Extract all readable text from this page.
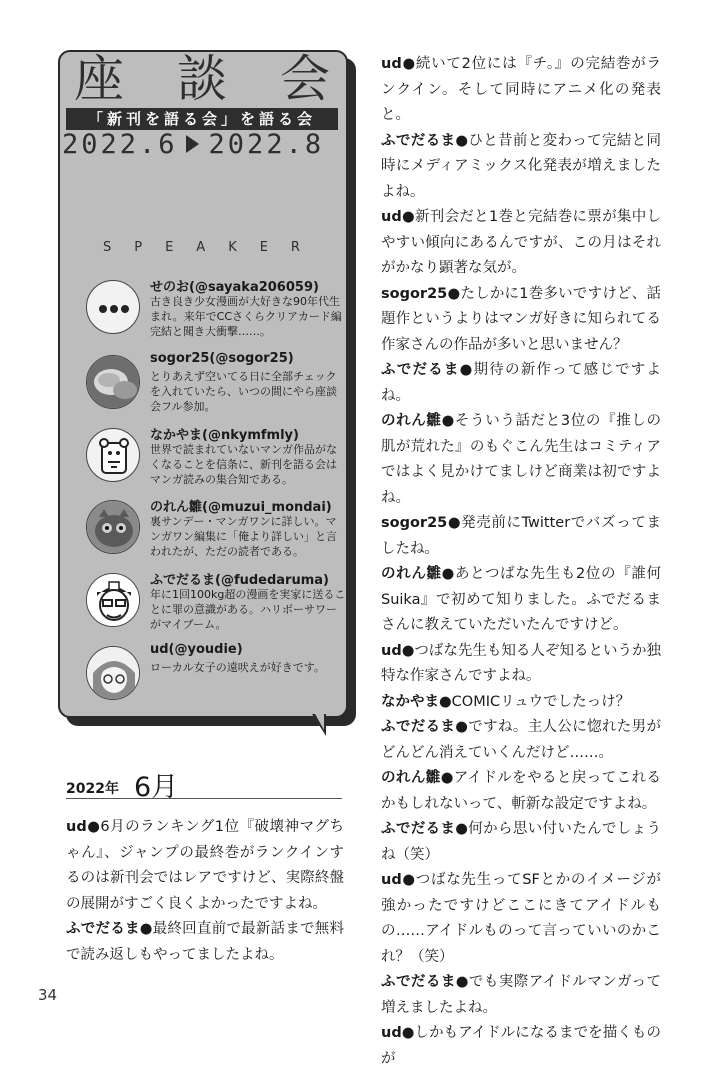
座 談 会
「新刊を語る会」を語る会
2022.6 2022.8
SPEAKER
せのお(@sayaka206059)
古き良き少女漫画が大好きな90年代生まれ。来年でCCさくらクリアカード編完結と聞き大衝撃……。
sogor25(@sogor25)
とりあえず空いてる日に全部チェックを入れていたら、いつの間にやら座談会フル参加。
なかやま(@nkymfmly)
世界で読まれていないマンガ作品がなくなることを信条に、新刊を語る会はマンガ読みの集合知である。
のれん雛(@muzui_mondai)
裏サンデー・マンガワンに詳しい。マンガワン編集に「俺より詳しい」と言われたが、ただの読者である。
ふでだるま(@fudedaruma)
年に1回100kg超の漫画を実家に送ることに罪の意識がある。ハリボーサワーがマイブーム。
ud(@youdie)
ローカル女子の遠吠えが好きです。
2022年 6月
ud●6月のランキング1位『破壊神マグちゃん』、ジャンプの最終巻がランクインするのは新刊会ではレアですけど、実際終盤の展開がすごく良くよかったですよね。
ふでだるま●最終回直前で最新話まで無料で読み返しもやってましたよね。
ud●続いて2位には『チ。』の完結巻がランクイン。そして同時にアニメ化の発表と。
ふでだるま●ひと昔前と変わって完結と同時にメディアミックス化発表が増えましたよね。
ud●新刊会だと1巻と完結巻に票が集中しやすい傾向にあるんですが、この月はそれがかなり顕著な気が。
sogor25●たしかに1巻多いですけど、話題作というよりはマンガ好きに知られてる作家さんの作品が多いと思いません？
ふでだるま●期待の新作って感じですよね。
のれん雛●そういう話だと3位の『推しの肌が荒れた』のもぐこん先生はコミティアではよく見かけてましけど商業は初ですよね。
sogor25●発売前にTwitterでバズってましたね。
のれん雛●あとつばな先生も2位の『誰何Suika』で初めて知りました。ふでだるまさんに教えていただいたんですけど。
ud●つばな先生も知る人ぞ知るというか独特な作家さんですよね。
なかやま●COMICリュウでしたっけ？
ふでだるま●ですね。主人公に惚れた男がどんどん消えていくんだけど……。
のれん雛●アイドルをやると戻ってこれるかもしれないって、斬新な設定ですよね。
ふでだるま●何から思い付いたんでしょうね（笑）
ud●つばな先生ってSFとかのイメージが強かったですけどここにきてアイドルもの……アイドルものって言っていいのかこれ？（笑）
ふでだるま●でも実際アイドルマンガって増えましたよね。
ud●しかもアイドルになるまでを描くものが
34
